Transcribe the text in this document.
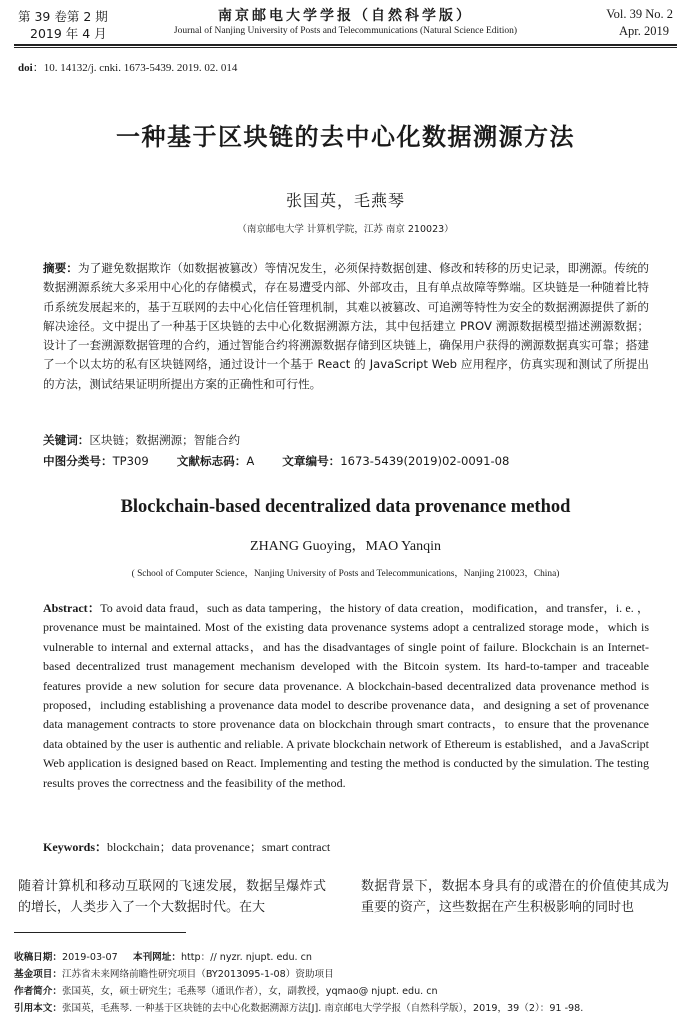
第 39 卷第 2 期
2019 年 4 月
南京邮电大学学报（自然科学版）
Journal of Nanjing University of Posts and Telecommunications (Natural Science Edition)
Vol. 39 No. 2
Apr. 2019
doi：10. 14132/j. cnki. 1673-5439. 2019. 02. 014
一种基于区块链的去中心化数据溯源方法
张国英，毛燕琴
（南京邮电大学 计算机学院，江苏 南京 210023）
摘要：为了避免数据欺诈（如数据被篡改）等情况发生，必须保持数据创建、修改和转移的历史记录，即溯源。传统的数据溯源系统大多采用中心化的存储模式，存在易遭受内部、外部攻击，且有单点故障等弊端。区块链是一种随着比特币系统发展起来的，基于互联网的去中心化信任管理机制，其难以被篡改、可追溯等特性为安全的数据溯源提供了新的解决途径。文中提出了一种基于区块链的去中心化数据溯源方法，其中包括建立 PROV 溯源数据模型描述溯源数据；设计了一套溯源数据管理的合约，通过智能合约将溯源数据存储到区块链上，确保用户获得的溯源数据真实可靠；搭建了一个以太坊的私有区块链网络，通过设计一个基于 React 的 JavaScript Web 应用程序，仿真实现和测试了所提出的方法，测试结果证明所提出方案的正确性和可行性。
关键词：区块链；数据溯源；智能合约
中图分类号：TP309 文献标志码：A 文章编号：1673-5439(2019)02-0091-08
Blockchain-based decentralized data provenance method
ZHANG Guoying，MAO Yanqin
( School of Computer Science，Nanjing University of Posts and Telecommunications，Nanjing 210023，China)
Abstract：To avoid data fraud，such as data tampering，the history of data creation，modification，and transfer，i. e. ，provenance must be maintained. Most of the existing data provenance systems adopt a centralized storage mode，which is vulnerable to internal and external attacks，and has the disadvantages of single point of failure. Blockchain is an Internet-based decentralized trust management mechanism developed with the Bitcoin system. Its hard-to-tamper and traceable features provide a new solution for secure data provenance. A blockchain-based decentralized data provenance method is proposed，including establishing a provenance data model to describe provenance data，and designing a set of provenance data management contracts to store provenance data on blockchain through smart contracts，to ensure that the provenance data obtained by the user is authentic and reliable. A private blockchain network of Ethereum is established，and a JavaScript Web application is designed based on React. Implementing and testing the method is conducted by the simulation. The testing results proves the correctness and the feasibility of the method.
Keywords：blockchain；data provenance；smart contract
随着计算机和移动互联网的飞速发展，数据呈爆炸式的增长，人类步入了一个大数据时代。在大
数据背景下，数据本身具有的或潜在的价值使其成为重要的资产，这些数据在产生积极影响的同时也
收稿日期：2019-03-07 本刊网址：http：// nyzr. njupt. edu. cn
基金项目：江苏省未来网络前瞻性研究项目（BY2013095-1-08）资助项目
作者简介：张国英，女，硕士研究生；毛燕琴（通讯作者），女，副教授，yqmao@ njupt. edu. cn
引用本文：张国英，毛燕琴. 一种基于区块链的去中心化数据溯源方法[J]. 南京邮电大学学报（自然科学版），2019，39（2）：91 -98.
